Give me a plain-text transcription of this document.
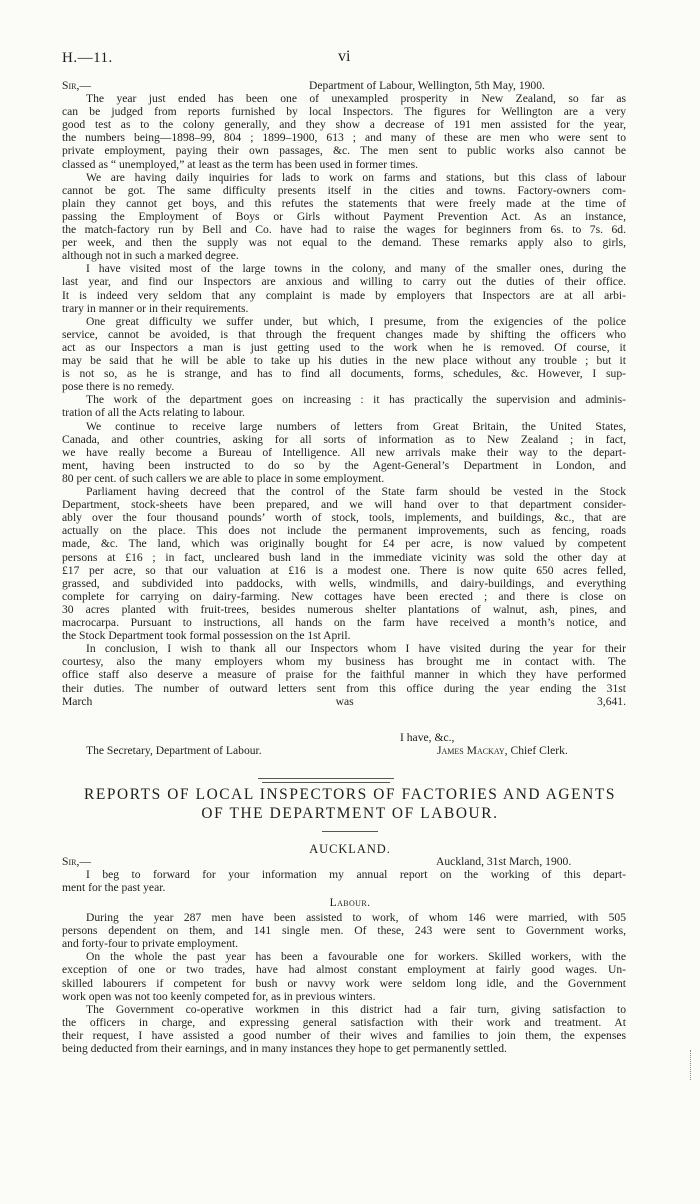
H.—11.	vi
Sir,—	Department of Labour, Wellington, 5th May, 1900.
The year just ended has been one of unexampled prosperity in New Zealand, so far as
can be judged from reports furnished by local Inspectors. The figures for Wellington are a very
good test as to the colony generally, and they show a decrease of 191 men assisted for the year,
the numbers being—1898–99, 804 ; 1899–1900, 613 ; and many of these are men who were sent to
private employment, paying their own passages, &c. The men sent to public works also cannot be
classed as “ unemployed,” at least as the term has been used in former times.
We are having daily inquiries for lads to work on farms and stations, but this class of labour
cannot be got. The same difficulty presents itself in the cities and towns. Factory-owners com-
plain they cannot get boys, and this refutes the statements that were freely made at the time of
passing the Employment of Boys or Girls without Payment Prevention Act. As an instance,
the match-factory run by Bell and Co. have had to raise the wages for beginners from 6s. to 7s. 6d.
per week, and then the supply was not equal to the demand. These remarks apply also to girls,
although not in such a marked degree.
I have visited most of the large towns in the colony, and many of the smaller ones, during the
last year, and find our Inspectors are anxious and willing to carry out the duties of their office.
It is indeed very seldom that any complaint is made by employers that Inspectors are at all arbi-
trary in manner or in their requirements.
One great difficulty we suffer under, but which, I presume, from the exigencies of the police
service, cannot be avoided, is that through the frequent changes made by shifting the officers who
act as our Inspectors a man is just getting used to the work when he is removed. Of course, it
may be said that he will be able to take up his duties in the new place without any trouble ; but it
is not so, as he is strange, and has to find all documents, forms, schedules, &c. However, I sup-
pose there is no remedy.
The work of the department goes on increasing : it has practically the supervision and adminis-
tration of all the Acts relating to labour.
We continue to receive large numbers of letters from Great Britain, the United States,
Canada, and other countries, asking for all sorts of information as to New Zealand ; in fact,
we have really become a Bureau of Intelligence. All new arrivals make their way to the depart-
ment, having been instructed to do so by the Agent-General’s Department in London, and
80 per cent. of such callers we are able to place in some employment.
Parliament having decreed that the control of the State farm should be vested in the Stock
Department, stock-sheets have been prepared, and we will hand over to that department consider-
ably over the four thousand pounds’ worth of stock, tools, implements, and buildings, &c., that are
actually on the place. This does not include the permanent improvements, such as fencing, roads
made, &c. The land, which was originally bought for £4 per acre, is now valued by competent
persons at £16 ; in fact, uncleared bush land in the immediate vicinity was sold the other day at
£17 per acre, so that our valuation at £16 is a modest one. There is now quite 650 acres felled,
grassed, and subdivided into paddocks, with wells, windmills, and dairy-buildings, and everything
complete for carrying on dairy-farming. New cottages have been erected ; and there is close on
30 acres planted with fruit-trees, besides numerous shelter plantations of walnut, ash, pines, and
macrocarpa. Pursuant to instructions, all hands on the farm have received a month’s notice, and
the Stock Department took formal possession on the 1st April.
In conclusion, I wish to thank all our Inspectors whom I have visited during the year for their
courtesy, also the many employers whom my business has brought me in contact with. The
office staff also deserve a measure of praise for the faithful manner in which they have performed
their duties. The number of outward letters sent from this office during the year ending the 31st
March was 3,641.
I have, &c.,
The Secretary, Department of Labour.	James Mackay, Chief Clerk.
REPORTS OF LOCAL INSPECTORS OF FACTORIES AND AGENTS
OF THE DEPARTMENT OF LABOUR.
AUCKLAND.
Sir,—	Auckland, 31st March, 1900.
I beg to forward for your information my annual report on the working of this depart-
ment for the past year.
Labour.
During the year 287 men have been assisted to work, of whom 146 were married, with 505
persons dependent on them, and 141 single men. Of these, 243 were sent to Government works,
and forty-four to private employment.
On the whole the past year has been a favourable one for workers. Skilled workers, with the
exception of one or two trades, have had almost constant employment at fairly good wages. Un-
skilled labourers if competent for bush or navvy work were seldom long idle, and the Government
work open was not too keenly competed for, as in previous winters.
The Government co-operative workmen in this district had a fair turn, giving satisfaction to
the officers in charge, and expressing general satisfaction with their work and treatment. At
their request, I have assisted a good number of their wives and families to join them, the expenses
being deducted from their earnings, and in many instances they hope to get permanently settled.
